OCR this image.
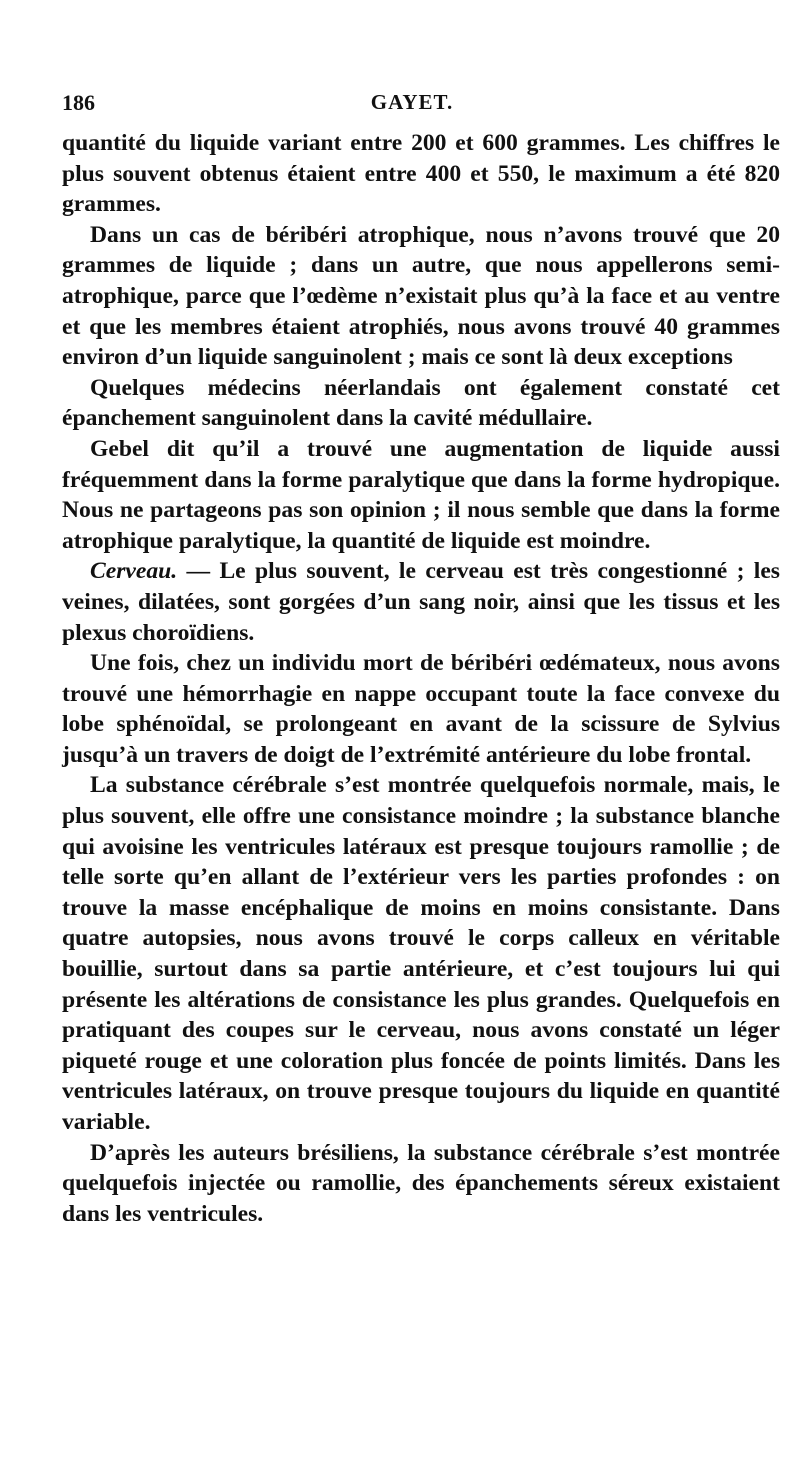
186	GAYET.

quantité du liquide variant entre 200 et 600 grammes. Les chiffres le plus souvent obtenus étaient entre 400 et 550, le maximum a été 820 grammes.

Dans un cas de béribéri atrophique, nous n’avons trouvé que 20 grammes de liquide ; dans un autre, que nous appellerons semi-atrophique, parce que l’œdème n’existait plus qu’à la face et au ventre et que les membres étaient atrophiés, nous avons trouvé 40 grammes environ d’un liquide sanguinolent ; mais ce sont là deux exceptions

Quelques médecins néerlandais ont également constaté cet épanchement sanguinolent dans la cavité médullaire.

Gebel dit qu’il a trouvé une augmentation de liquide aussi fréquemment dans la forme paralytique que dans la forme hydropique. Nous ne partageons pas son opinion ; il nous semble que dans la forme atrophique paralytique, la quantité de liquide est moindre.

Cerveau. — Le plus souvent, le cerveau est très congestionné ; les veines, dilatées, sont gorgées d’un sang noir, ainsi que les tissus et les plexus choroïdiens.

Une fois, chez un individu mort de béribéri œdémateux, nous avons trouvé une hémorrhagie en nappe occupant toute la face convexe du lobe sphénoïdal, se prolongeant en avant de la scissure de Sylvius jusqu’à un travers de doigt de l’extrémité antérieure du lobe frontal.

La substance cérébrale s’est montrée quelquefois normale, mais, le plus souvent, elle offre une consistance moindre ; la substance blanche qui avoisine les ventricules latéraux est presque toujours ramollie ; de telle sorte qu’en allant de l’extérieur vers les parties profondes : on trouve la masse encéphalique de moins en moins consistante. Dans quatre autopsies, nous avons trouvé le corps calleux en véritable bouillie, surtout dans sa partie antérieure, et c’est toujours lui qui présente les altérations de consistance les plus grandes. Quelquefois en pratiquant des coupes sur le cerveau, nous avons constaté un léger piqueté rouge et une coloration plus foncée de points limités. Dans les ventricules latéraux, on trouve presque toujours du liquide en quantité variable.

D’après les auteurs brésiliens, la substance cérébrale s’est montrée quelquefois injectée ou ramollie, des épanchements séreux existaient dans les ventricules.
